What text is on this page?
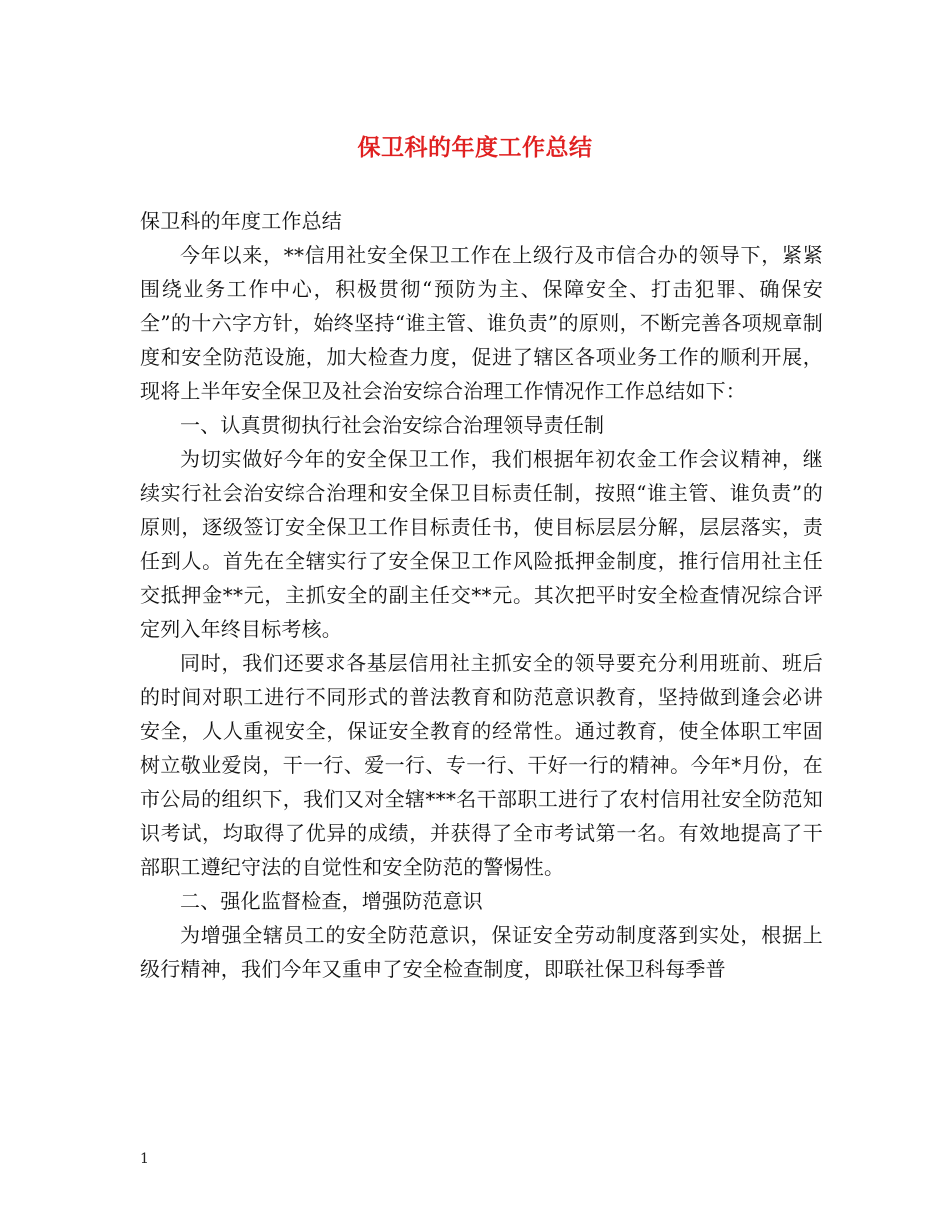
保卫科的年度工作总结

保卫科的年度工作总结

今年以来，**信用社安全保卫工作在上级行及市信合办的领导下，紧紧围绕业务工作中心，积极贯彻“预防为主、保障安全、打击犯罪、确保安全”的十六字方针，始终坚持“谁主管、谁负责”的原则，不断完善各项规章制度和安全防范设施，加大检查力度，促进了辖区各项业务工作的顺利开展，现将上半年安全保卫及社会治安综合治理工作情况作工作总结如下：

一、认真贯彻执行社会治安综合治理领导责任制

为切实做好今年的安全保卫工作，我们根据年初农金工作会议精神，继续实行社会治安综合治理和安全保卫目标责任制，按照“谁主管、谁负责”的原则，逐级签订安全保卫工作目标责任书，使目标层层分解，层层落实，责任到人。首先在全辖实行了安全保卫工作风险抵押金制度，推行信用社主任交抵押金**元，主抓安全的副主任交**元。其次把平时安全检查情况综合评定列入年终目标考核。

同时，我们还要求各基层信用社主抓安全的领导要充分利用班前、班后的时间对职工进行不同形式的普法教育和防范意识教育，坚持做到逢会必讲安全，人人重视安全，保证安全教育的经常性。通过教育，使全体职工牢固树立敬业爱岗，干一行、爱一行、专一行、干好一行的精神。今年*月份，在市公局的组织下，我们又对全辖***名干部职工进行了农村信用社安全防范知识考试，均取得了优异的成绩，并获得了全市考试第一名。有效地提高了干部职工遵纪守法的自觉性和安全防范的警惕性。

二、强化监督检查，增强防范意识

为增强全辖员工的安全防范意识，保证安全劳动制度落到实处，根据上级行精神，我们今年又重申了安全检查制度，即联社保卫科每季普

1
